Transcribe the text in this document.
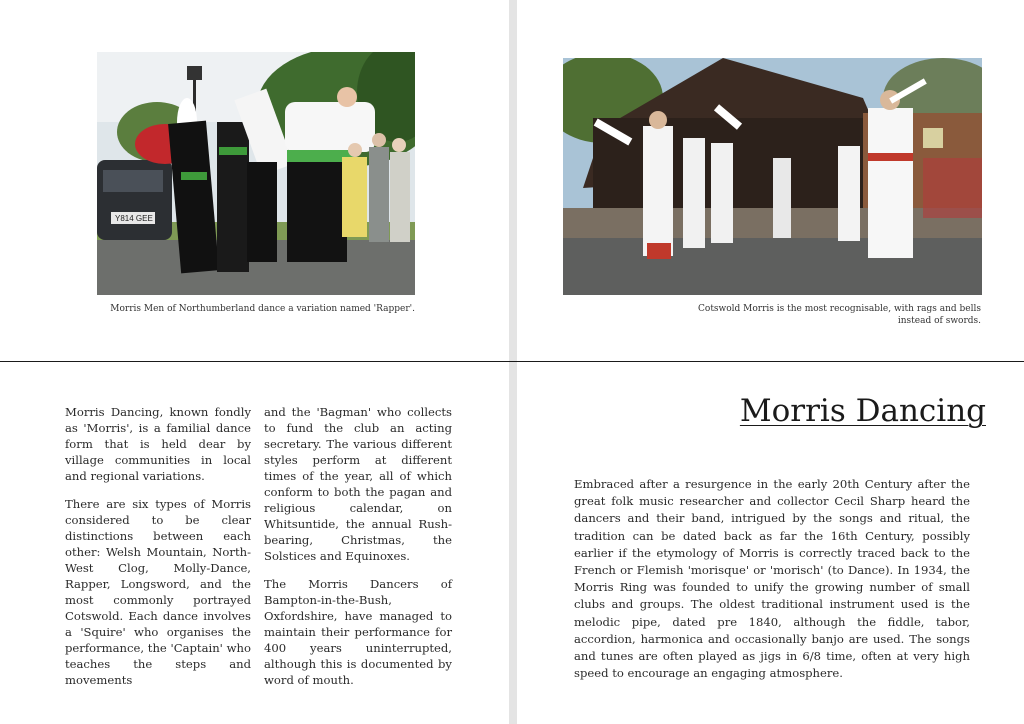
Y814 GEE
Morris Men of Northumberland dance a variation named 'Rapper'.	Cotswold Morris is the most recognisable, with rags and bells instead of swords.

Morris Dancing, known fondly as 'Morris', is a familial dance form that is held dear by village communities in local and regional variations.

There are six types of Morris considered to be clear distinctions between each other: Welsh Mountain, North-West Clog, Molly-Dance, Rapper, Longsword, and the most commonly portrayed Cotswold. Each dance involves a 'Squire' who organises the performance, the 'Captain' who teaches the steps and movements

and the 'Bagman' who collects to fund the club an acting secretary. The various different styles perform at different times of the year, all of which conform to both the pagan and religious calendar, on Whitsuntide, the annual Rush-bearing, Christmas, the Solstices and Equinoxes.

The Morris Dancers of Bampton-in-the-Bush, Oxfordshire, have managed to maintain their performance for 400 years uninterrupted, although this is documented by word of mouth.

Morris Dancing
Embraced after a resurgence in the early 20th Century after the great folk music researcher and collector Cecil Sharp heard the dancers and their band, intrigued by the songs and ritual, the tradition can be dated back as far the 16th Century, possibly earlier if the etymology of Morris is correctly traced back to the French or Flemish 'morisque' or 'morisch' (to Dance). In 1934, the Morris Ring was founded to unify the growing number of small clubs and groups. The oldest traditional instrument used is the melodic pipe, dated pre 1840, although the fiddle, tabor, accordion, harmonica and occasionally banjo are used. The songs and tunes are often played as jigs in 6/8 time, often at very high speed to encourage an engaging atmosphere.
